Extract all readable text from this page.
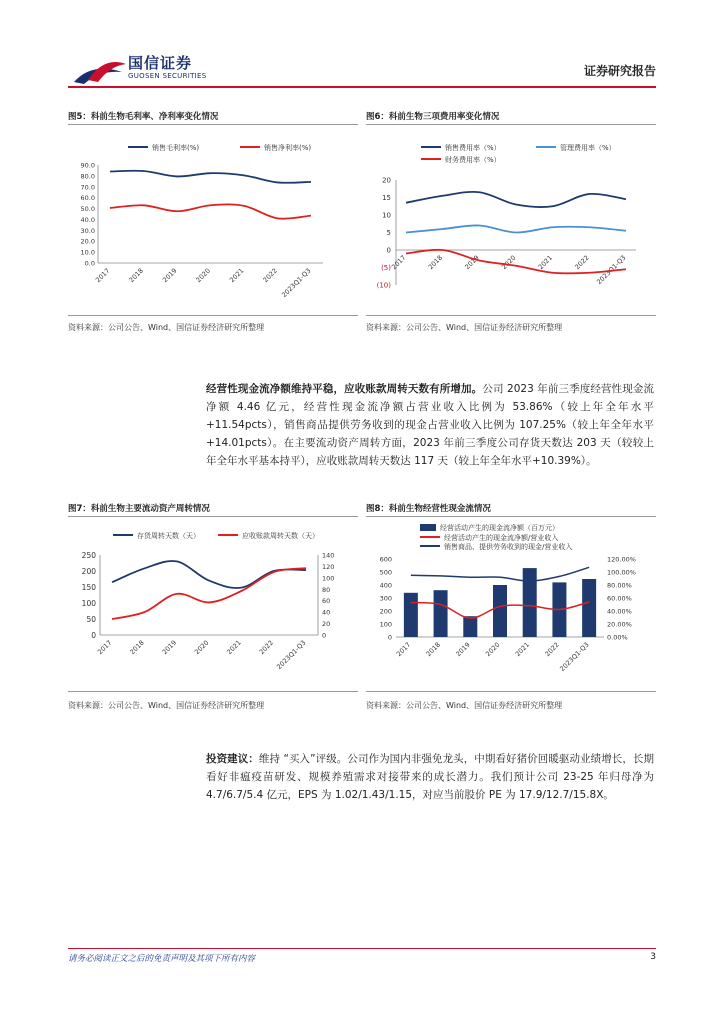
国信证券
GUOSEN SECURITIES	证券研究报告
图5：科前生物毛利率、净利率变化情况
0.0
10.0
20.0
30.0
40.0
50.0
60.0
70.0
80.0
90.0
2017 2018 2019 2020 2021 2022 2023Q1-Q3
销售毛利率(%)	销售净利率(%)
资料来源：公司公告、Wind、国信证券经济研究所整理
图6：科前生物三项费用率变化情况
(10)
(5)
0
5
10
15
20
2017	2018	2019	2020	2021	2022 2023Q1-Q3
销售费用率（%）	管理费用率（%）
财务费用率（%）
资料来源：公司公告、Wind、国信证券经济研究所整理
经营性现金流净额维持平稳，应收账款周转天数有所增加。公司 2023 年前三季度经营性现金流净额 4.46 亿元，经营性现金流净额占营业收入比例为 53.86%（较上年全年水平+11.54pcts），销售商品提供劳务收到的现金占营业收入比例为 107.25%（较上年全年水平+14.01pcts）。在主要流动资产周转方面，2023 年前三季度公司存货天数达 203 天（较较上年全年水平基本持平），应收账款周转天数达 117 天（较上年全年水平+10.39%）。
图7：科前生物主要流动资产周转情况
0
50
100
150
200
250
0
20
40
60
80
100
120
140
2017 2018 2019 2020 2021 2022 2023Q1-Q3
存货周转天数（天）	应收账款周转天数（天）
资料来源：公司公告、Wind、国信证券经济研究所整理
图8：科前生物经营性现金流情况
0
100
200
300
400
500
600
0.00%
20.00%
40.00%
60.00%
80.00%
100.00%
120.00%
2017 2018 2019 2020 2021 2022
2023Q1-Q3
经营活动产生的现金流净额（百万元）
经营活动产生的现金流净额/营业收入
销售商品、提供劳务收到的现金/营业收入
资料来源：公司公告、Wind、国信证券经济研究所整理
投资建议：维持 “买入”评级。公司作为国内非强免龙头，中期看好猪价回暖驱动业绩增长，长期看好非瘟疫苗研发、规模养殖需求对接带来的成长潜力。我们预计公司 23-25 年归母净为 4.7/6.7/5.4 亿元，EPS 为 1.02/1.43/1.15，对应当前股价 PE 为 17.9/12.7/15.8X。
请务必阅读正文之后的免责声明及其项下所有内容	3
